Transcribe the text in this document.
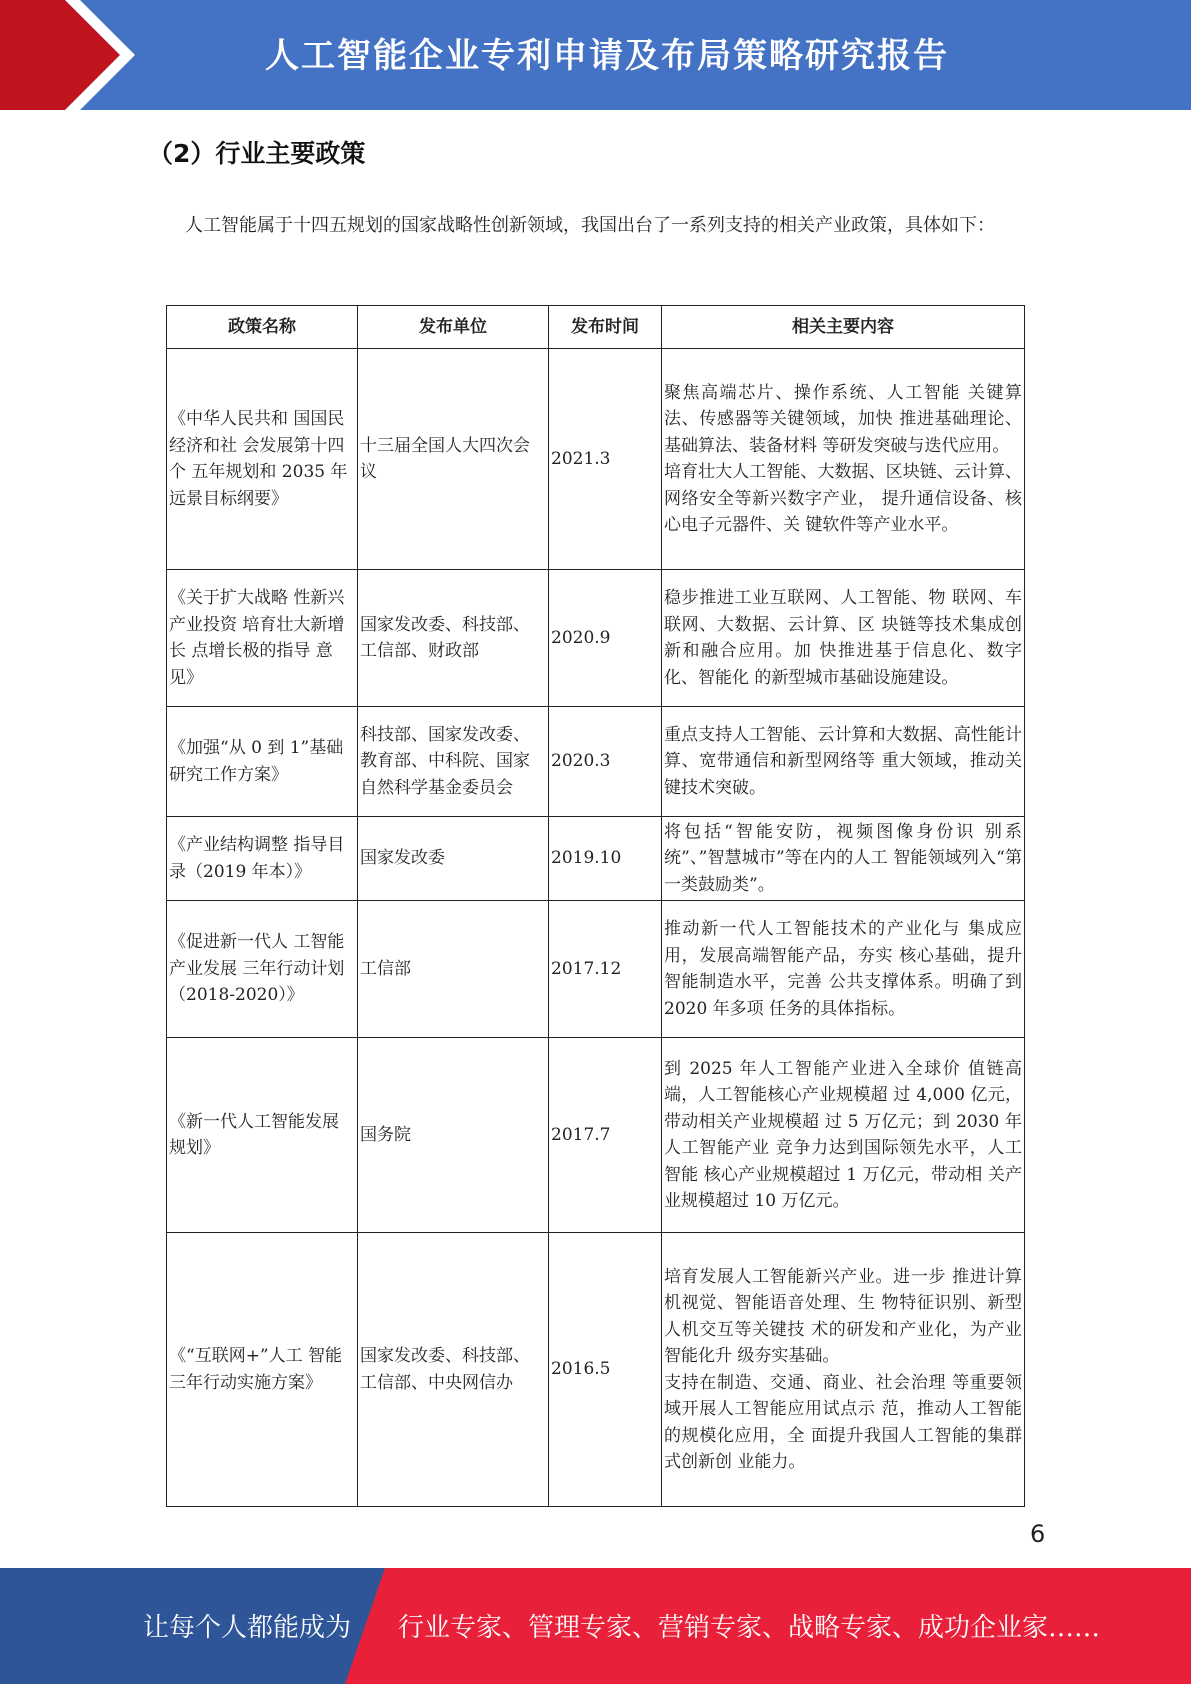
人工智能企业专利申请及布局策略研究报告
（2）行业主要政策
人工智能属于十四五规划的国家战略性创新领域，我国出台了一系列支持的相关产业政策，具体如下：
政策名称	发布单位	发布时间	相关主要内容
《中华人民共和 国国民经济和社 会发展第十四个 五年规划和 2035 年远景目标纲要》	十三届全国人大四次会议	2021.3	聚焦高端芯片、操作系统、人工智能 关键算法、传感器等关键领域，加快 推进基础理论、基础算法、装备材料 等研发突破与迭代应用。
培育壮大人工智能、大数据、区块链、云计算、网络安全等新兴数字产业， 提升通信设备、核心电子元器件、关 键软件等产业水平。
《关于扩大战略 性新兴产业投资 培育壮大新增长 点增长极的指导 意见》	国家发改委、科技部、工信部、财政部	2020.9	稳步推进工业互联网、人工智能、物 联网、车联网、大数据、云计算、区 块链等技术集成创新和融合应用。加 快推进基于信息化、数字化、智能化 的新型城市基础设施建设。
《加强“从 0 到 1”基础研究工作方案》	科技部、国家发改委、教育部、中科院、国家自然科学基金委员会	2020.3	重点支持人工智能、云计算和大数据、高性能计算、宽带通信和新型网络等 重大领域，推动关键技术突破。
《产业结构调整 指导目录（2019 年本）》	国家发改委	2019.10	将包括“智能安防，视频图像身份识 别系统”、”智慧城市”等在内的人工 智能领域列入“第一类鼓励类”。
《促进新一代人 工智能产业发展 三年行动计划（2018-2020）》	工信部	2017.12	推动新一代人工智能技术的产业化与 集成应用，发展高端智能产品，夯实 核心基础，提升智能制造水平，完善 公共支撑体系。明确了到 2020 年多项 任务的具体指标。
《新一代人工智能发展规划》	国务院	2017.7	到 2025 年人工智能产业进入全球价 值链高端，人工智能核心产业规模超 过 4,000 亿元，带动相关产业规模超 过 5 万亿元；到 2030 年人工智能产业 竞争力达到国际领先水平，人工智能 核心产业规模超过 1 万亿元，带动相 关产业规模超过 10 万亿元。
《“互联网+”人工 智能三年行动实施方案》	国家发改委、科技部、工信部、中央网信办	2016.5	培育发展人工智能新兴产业。进一步 推进计算机视觉、智能语音处理、生 物特征识别、新型人机交互等关键技 术的研发和产业化，为产业智能化升 级夯实基础。
支持在制造、交通、商业、社会治理 等重要领域开展人工智能应用试点示 范，推动人工智能的规模化应用，全 面提升我国人工智能的集群式创新创 业能力。
6
让每个人都能成为 行业专家、管理专家、营销专家、战略专家、成功企业家……
